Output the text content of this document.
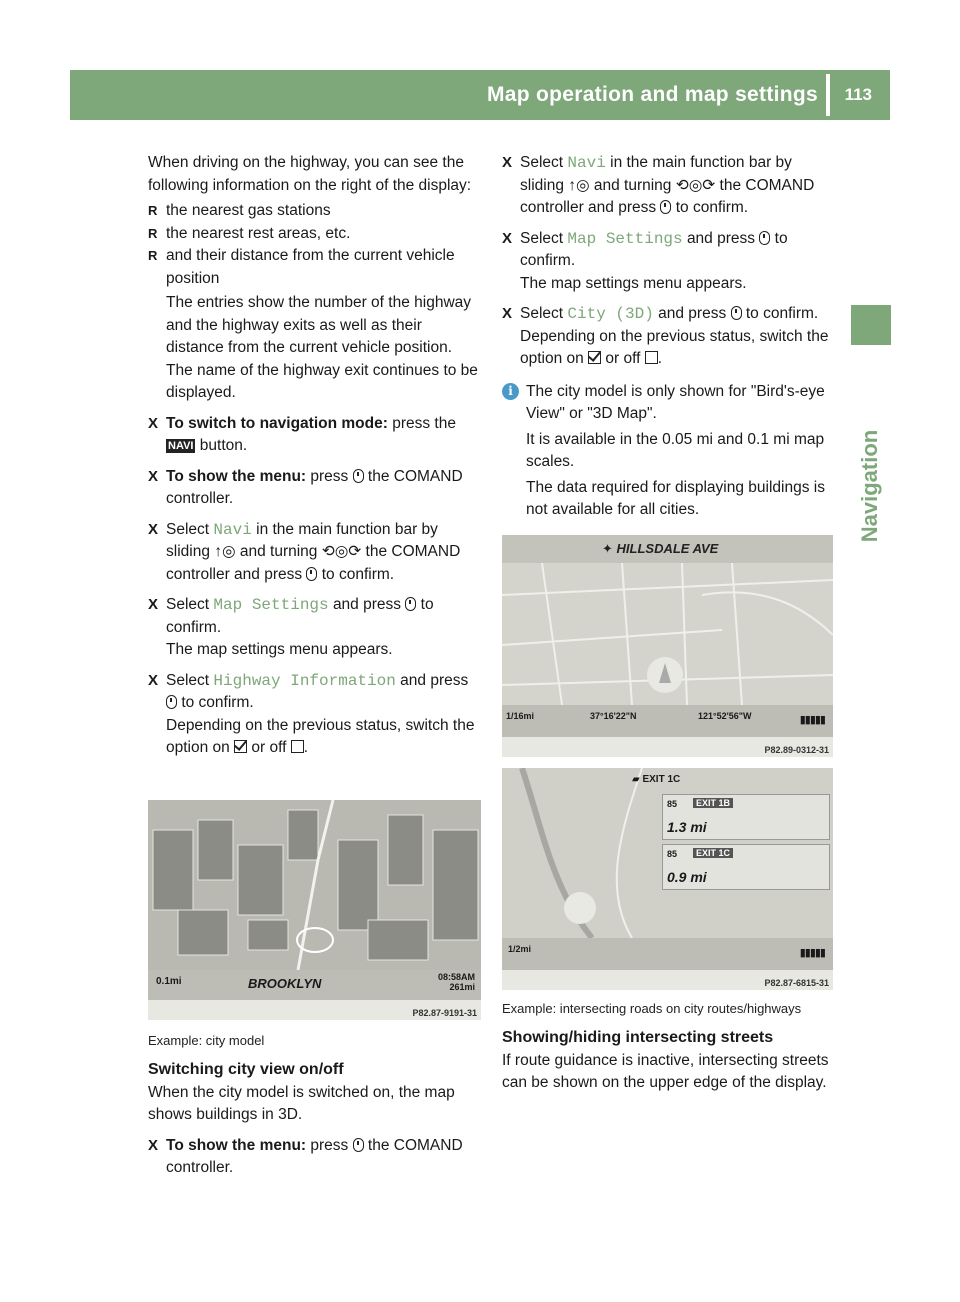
Map operation and map settings 113
Navigation

When driving on the highway, you can see the following information on the right of the display:

R the nearest gas stations
R the nearest rest areas, etc.
R and their distance from the current vehicle position
The entries show the number of the highway and the highway exits as well as their distance from the current vehicle position. The name of the highway exit continues to be displayed.
X To switch to navigation mode: press the NAVI button.
X To show the menu: press the COMAND controller.
X Select Navi in the main function bar by sliding ↑◎ and turning ⟲◎⟳ the COMAND controller and press to confirm.
X Select Map Settings and press to confirm.
The map settings menu appears.
X Select Highway Information and press  to confirm.
Depending on the previous status, switch the option on or off .
0.1mi	BROOKLYN	08:58AM
261mi
P82.87-9191-31
Example: city model
Switching city view on/off

When the city model is switched on, the map shows buildings in 3D.

X To show the menu: press the COMAND controller.
X Select Navi in the main function bar by sliding ↑◎ and turning ⟲◎⟳ the COMAND controller and press to confirm.
X Select Map Settings and press to confirm.
The map settings menu appears.
X Select City (3D) and press to confirm.
Depending on the previous status, switch the option on or off .
i The city model is only shown for "Bird's-eye View" or "3D Map".

It is available in the 0.05 mi and 0.1 mi map scales.

The data required for displaying buildings is not available for all cities.

✦ HILLSDALE AVE
1/16mi	37°16'22"N	121°52'56"W	▮▮▮▮▮
P82.89-0312-31
▰ EXIT 1C
85	EXIT 1B
1.3 mi
85	EXIT 1C
0.9 mi
1/2mi	▮▮▮▮▮
P82.87-6815-31
Example: intersecting roads on city routes/highways
Showing/hiding intersecting streets

If route guidance is inactive, intersecting streets can be shown on the upper edge of the display.
